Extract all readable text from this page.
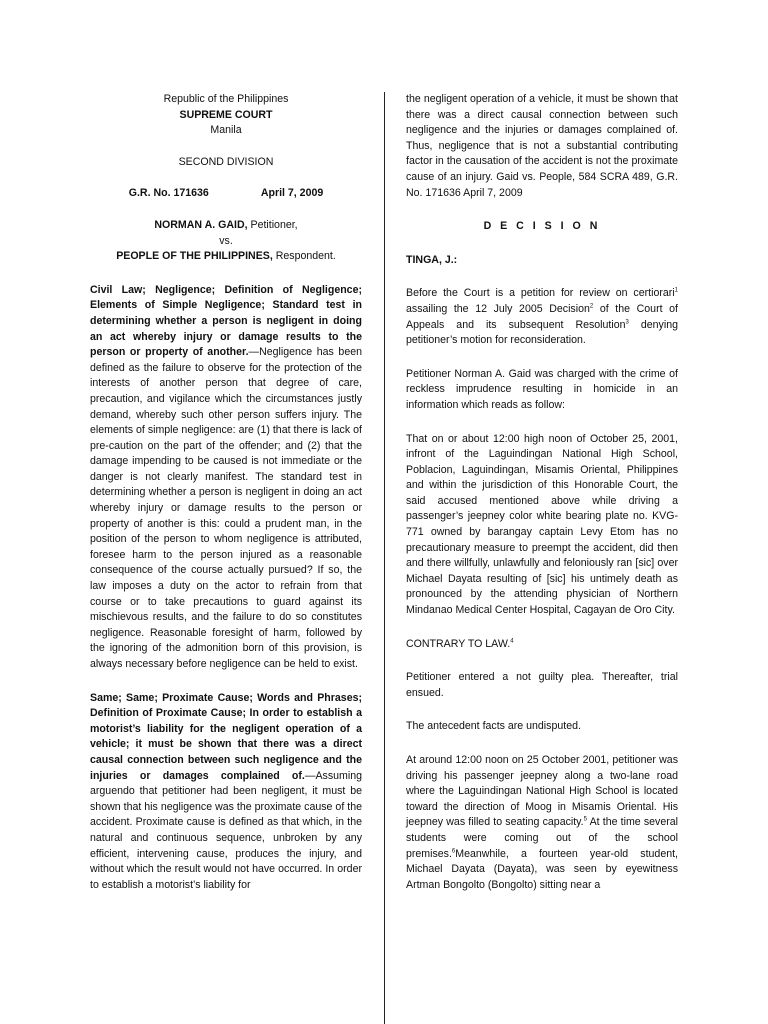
Republic of the Philippines

SUPREME COURT

Manila

SECOND DIVISION

G.R. No. 171636	April 7, 2009

NORMAN A. GAID, Petitioner,

vs.

PEOPLE OF THE PHILIPPINES, Respondent.

Civil Law; Negligence; Definition of Negligence; Elements of Simple Negligence; Standard test in determining whether a person is negligent in doing an act whereby injury or damage results to the person or property of another.—Negligence has been defined as the failure to observe for the protection of the interests of another person that degree of care, precaution, and vigilance which the circumstances justly demand, whereby such other person suffers injury. The elements of simple negligence: are (1) that there is lack of pre-caution on the part of the offender; and (2) that the damage impending to be caused is not immediate or the danger is not clearly manifest. The standard test in determining whether a person is negligent in doing an act whereby injury or damage results to the person or property of another is this: could a prudent man, in the position of the person to whom negligence is attributed, foresee harm to the person injured as a reasonable consequence of the course actually pursued? If so, the law imposes a duty on the actor to refrain from that course or to take precautions to guard against its mischievous results, and the failure to do so constitutes negligence. Reasonable foresight of harm, followed by the ignoring of the admonition born of this provision, is always necessary before negligence can be held to exist.

Same; Same; Proximate Cause; Words and Phrases; Definition of Proximate Cause; In order to establish a motorist’s liability for the negligent operation of a vehicle; it must be shown that there was a direct causal connection between such negligence and the injuries or damages complained of.—Assuming arguendo that petitioner had been negligent, it must be shown that his negligence was the proximate cause of the accident. Proximate cause is defined as that which, in the natural and continuous sequence, unbroken by any efficient, intervening cause, produces the injury, and without which the result would not have occurred. In order to establish a motorist’s liability for

the negligent operation of a vehicle, it must be shown that there was a direct causal connection between such negligence and the injuries or damages complained of. Thus, negligence that is not a substantial contributing factor in the causation of the accident is not the proximate cause of an injury. Gaid vs. People, 584 SCRA 489, G.R. No. 171636 April 7, 2009

D E C I S I O N

TINGA, J.:

Before the Court is a petition for review on certiorari$^1$ assailing the 12 July 2005 Decision$^2$ of the Court of Appeals and its subsequent Resolution$^3$ denying petitioner’s motion for reconsideration.

Petitioner Norman A. Gaid was charged with the crime of reckless imprudence resulting in homicide in an information which reads as follow:

That on or about 12:00 high noon of October 25, 2001, infront of the Laguindingan National High School, Poblacion, Laguindingan, Misamis Oriental, Philippines and within the jurisdiction of this Honorable Court, the said accused mentioned above while driving a passenger’s jeepney color white bearing plate no. KVG-771 owned by barangay captain Levy Etom has no precautionary measure to preempt the accident, did then and there willfully, unlawfully and feloniously ran [sic] over Michael Dayata resulting of [sic] his untimely death as pronounced by the attending physician of Northern Mindanao Medical Center Hospital, Cagayan de Oro City.

CONTRARY TO LAW.$^4$

Petitioner entered a not guilty plea. Thereafter, trial ensued.

The antecedent facts are undisputed.

At around 12:00 noon on 25 October 2001, petitioner was driving his passenger jeepney along a two-lane road where the Laguindingan National High School is located toward the direction of Moog in Misamis Oriental. His jeepney was filled to seating capacity.$^5$ At the time several students were coming out of the school premises.$^6$Meanwhile, a fourteen year-old student, Michael Dayata (Dayata), was seen by eyewitness Artman Bongolto (Bongolto) sitting near a
